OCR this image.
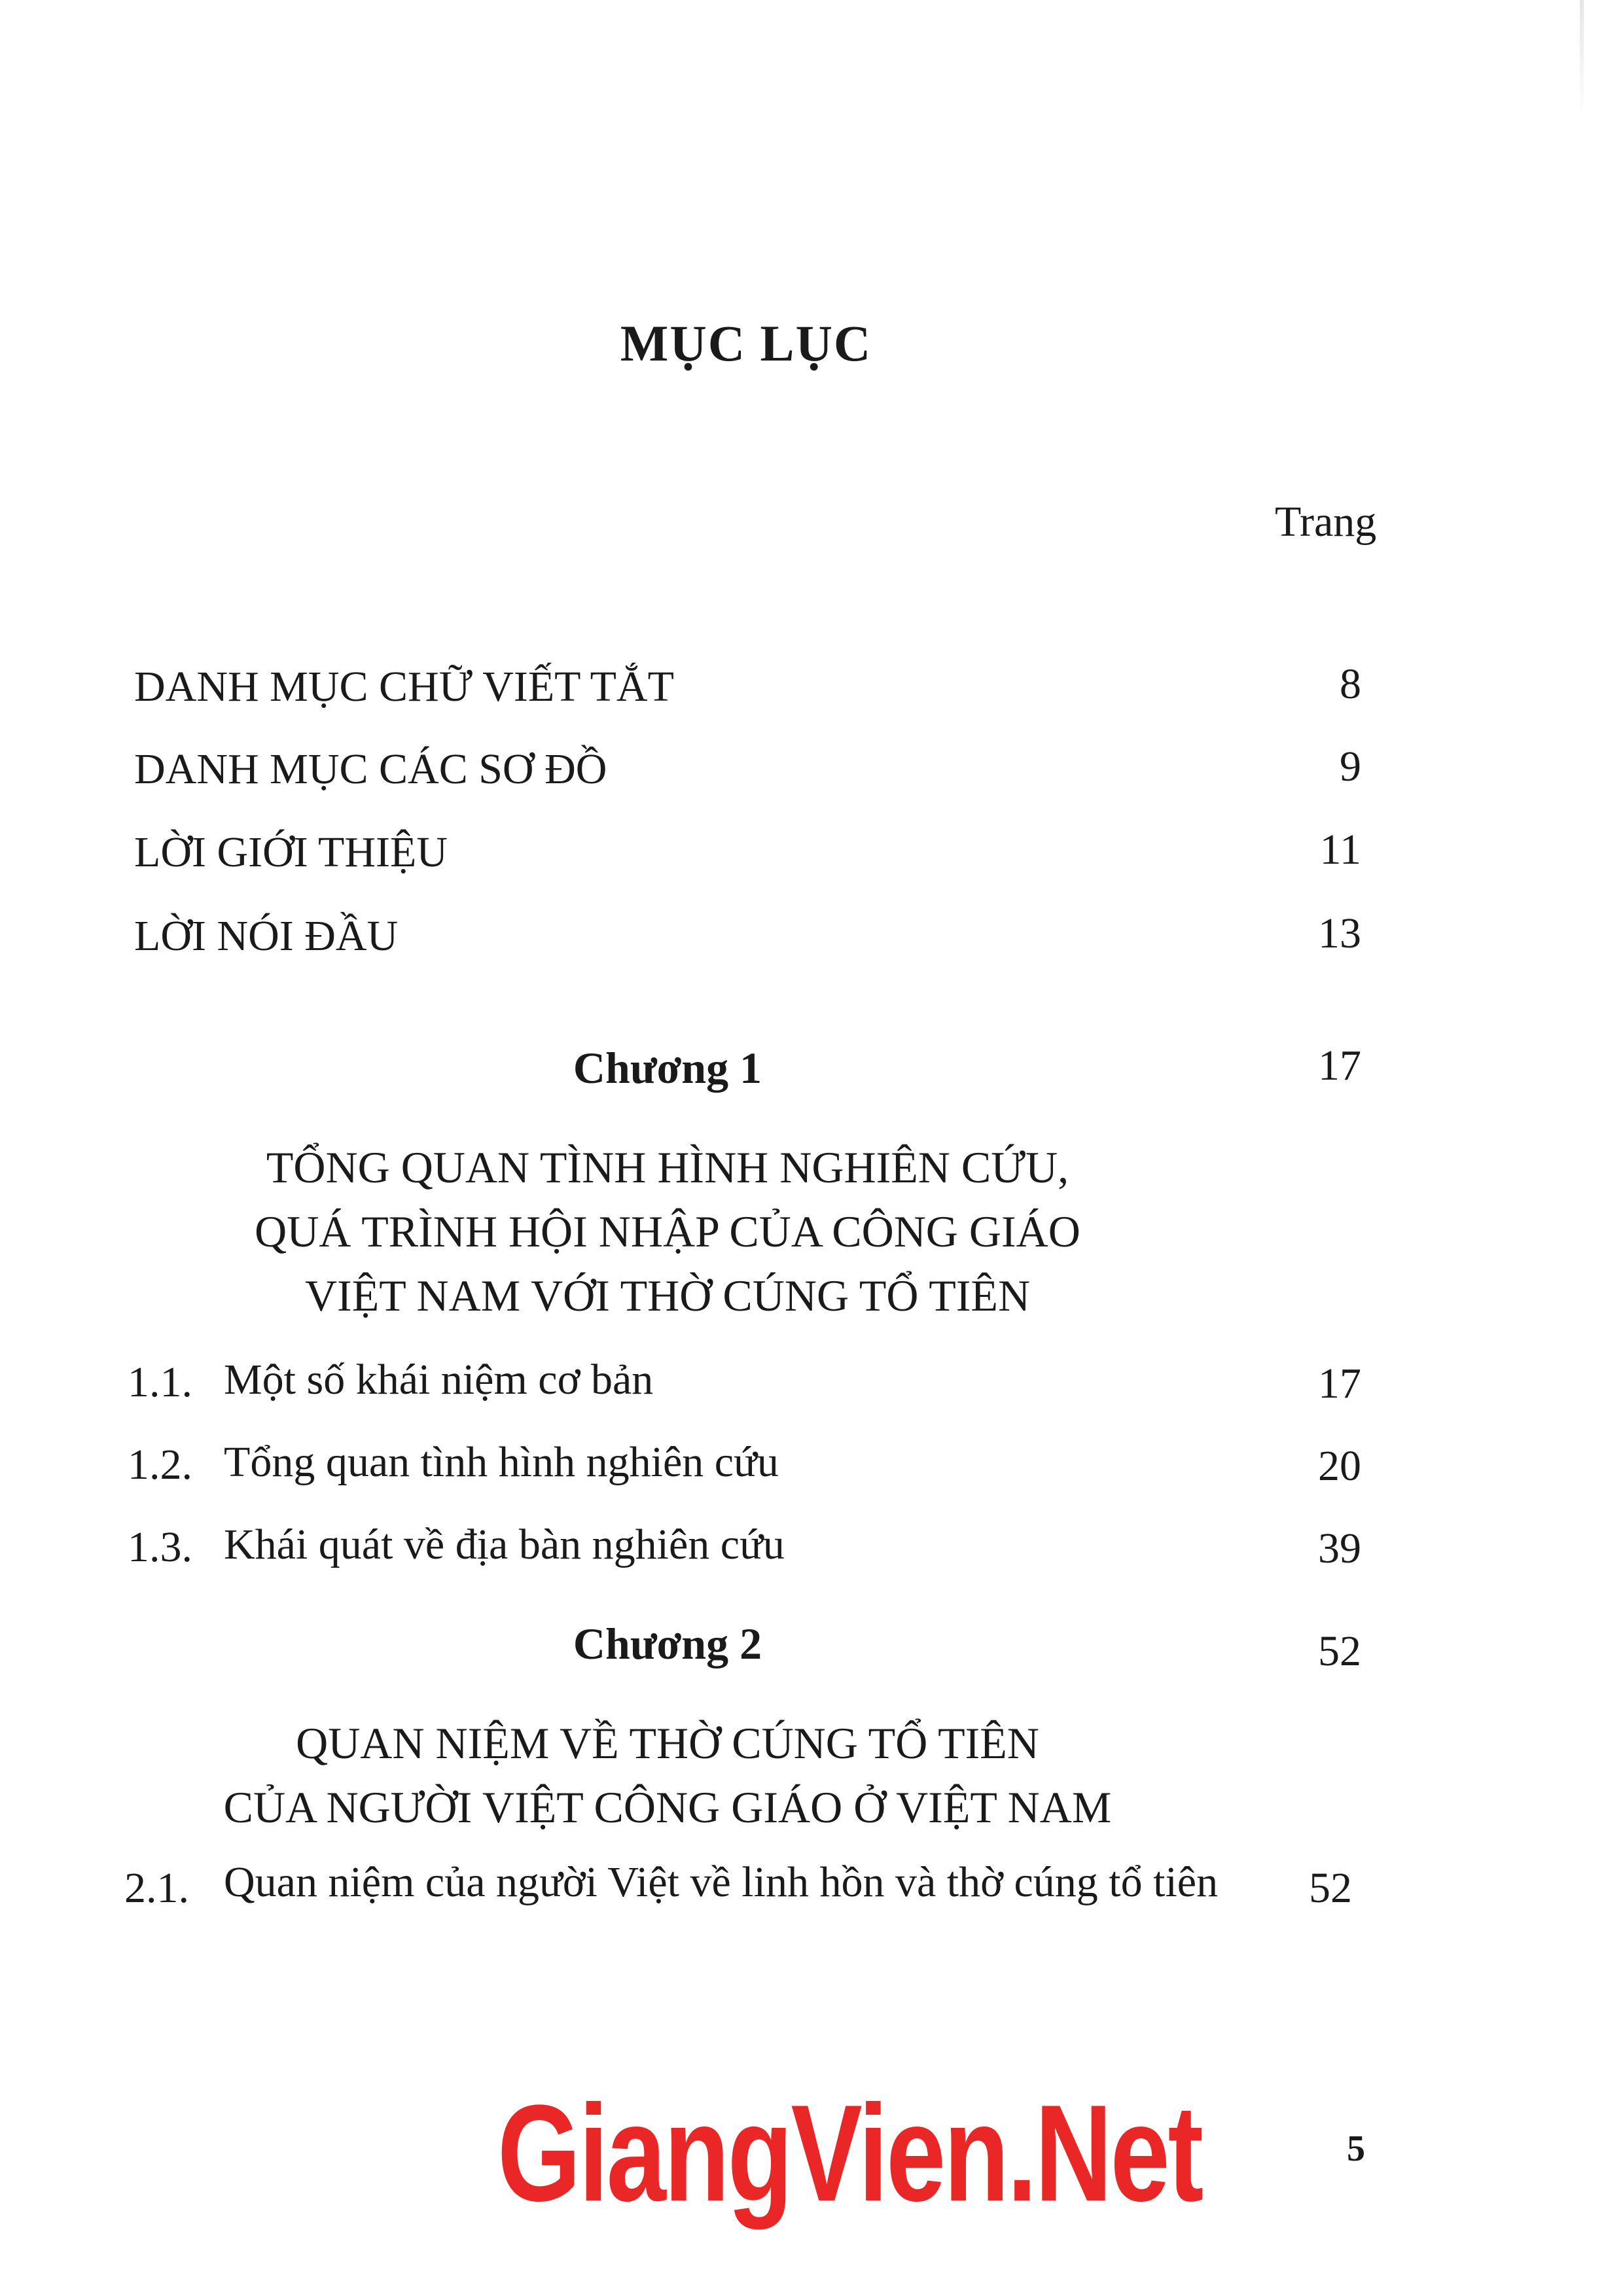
MỤC LỤC
Trang
DANH MỤC CHỮ VIẾT TẮT	8
DANH MỤC CÁC SƠ ĐỒ	9
LỜI GIỚI THIỆU	11
LỜI NÓI ĐẦU	13
Chương 1	17
TỔNG QUAN TÌNH HÌNH NGHIÊN CỨU,
QUÁ TRÌNH HỘI NHẬP CỦA CÔNG GIÁO
VIỆT NAM VỚI THỜ CÚNG TỔ TIÊN
1.1. Một số khái niệm cơ bản	17
1.2. Tổng quan tình hình nghiên cứu	20
1.3. Khái quát về địa bàn nghiên cứu	39
Chương 2	52
QUAN NIỆM VỀ THỜ CÚNG TỔ TIÊN
CỦA NGƯỜI VIỆT CÔNG GIÁO Ở VIỆT NAM
2.1. Quan niệm của người Việt về linh hồn và thờ cúng tổ tiên 52
GiangVien.Net	5
